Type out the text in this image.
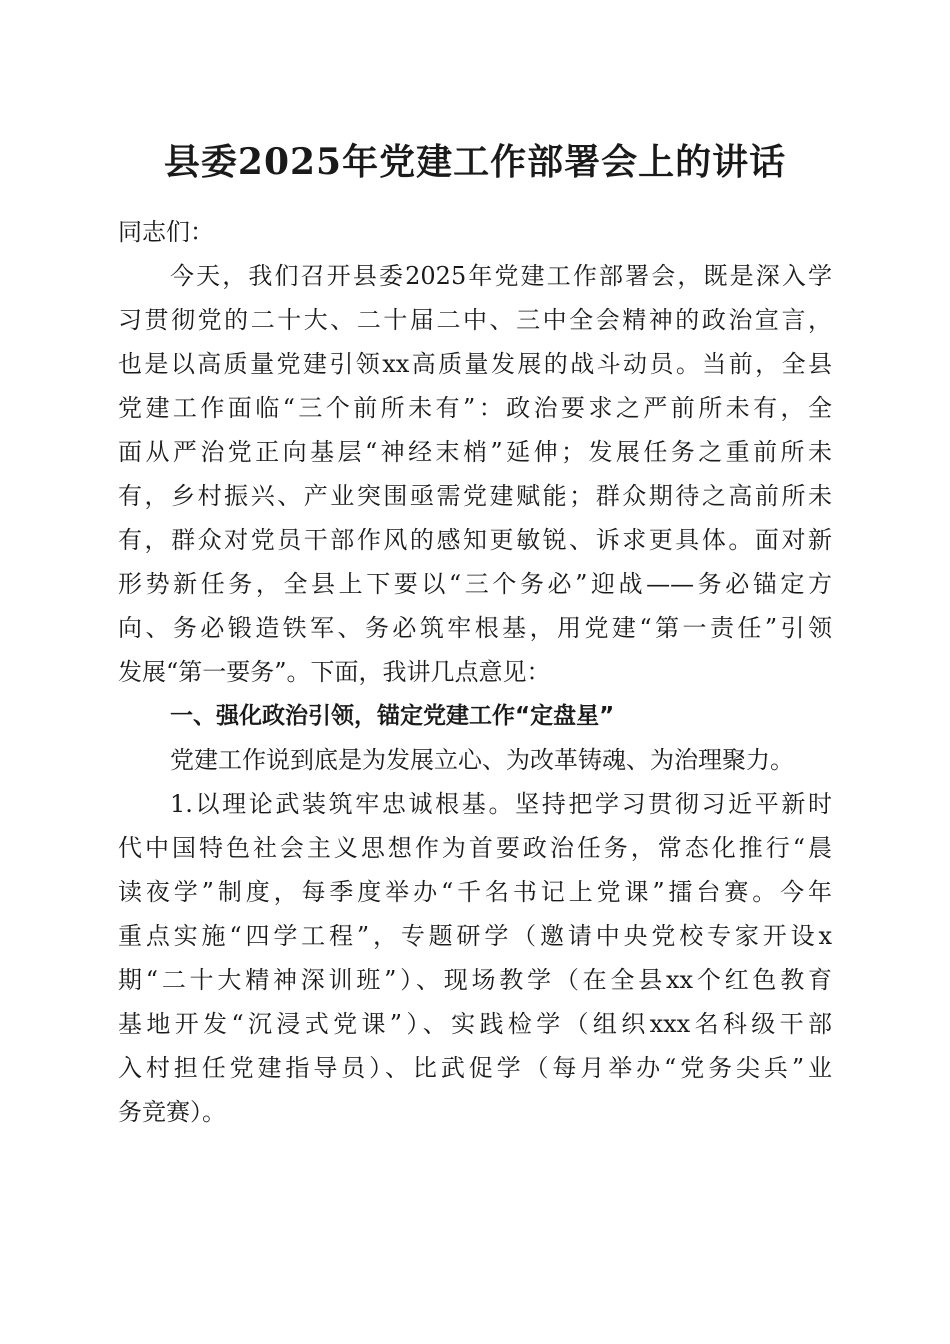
县委2025年党建工作部署会上的讲话
同志们：
今天，我们召开县委2025年党建工作部署会，既是深入学
习贯彻党的二十大、二十届二中、三中全会精神的政治宣言，
也是以高质量党建引领xx高质量发展的战斗动员。当前，全县
党建工作面临“三个前所未有”：政治要求之严前所未有，全
面从严治党正向基层“神经末梢”延伸；发展任务之重前所未
有，乡村振兴、产业突围亟需党建赋能；群众期待之高前所未
有，群众对党员干部作风的感知更敏锐、诉求更具体。面对新
形势新任务，全县上下要以“三个务必”迎战——务必锚定方
向、务必锻造铁军、务必筑牢根基，用党建“第一责任”引领
发展“第一要务”。下面，我讲几点意见：
一、强化政治引领，锚定党建工作“定盘星”
党建工作说到底是为发展立心、为改革铸魂、为治理聚力。
1.以理论武装筑牢忠诚根基。坚持把学习贯彻习近平新时
代中国特色社会主义思想作为首要政治任务，常态化推行“晨
读夜学”制度，每季度举办“千名书记上党课”擂台赛。今年
重点实施“四学工程”，专题研学（邀请中央党校专家开设x
期“二十大精神深训班”）、现场教学（在全县xx个红色教育
基地开发“沉浸式党课”）、实践检学（组织xxx名科级干部
入村担任党建指导员）、比武促学（每月举办“党务尖兵”业
务竞赛）。
